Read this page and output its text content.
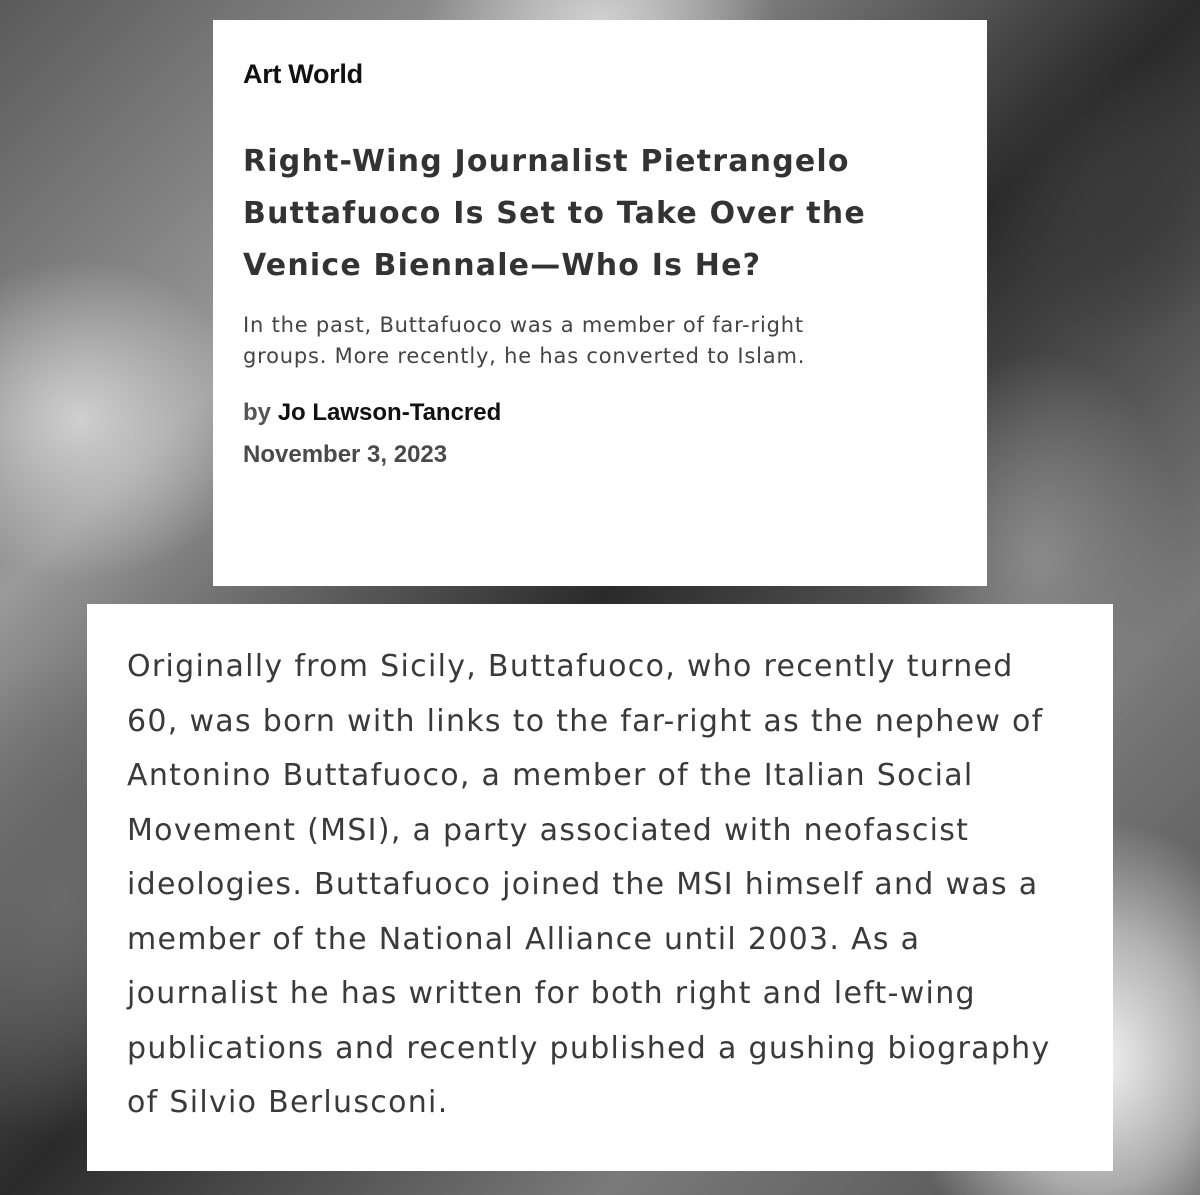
Art World

Right-Wing Journalist Pietrangelo Buttafuoco Is Set to Take Over the Venice Biennale—Who Is He?

In the past, Buttafuoco was a member of far-right groups. More recently, he has converted to Islam.

by Jo Lawson-Tancred

November 3, 2023

Originally from Sicily, Buttafuoco, who recently turned 60, was born with links to the far-right as the nephew of Antonino Buttafuoco, a member of the Italian Social Movement (MSI), a party associated with neofascist ideologies. Buttafuoco joined the MSI himself and was a member of the National Alliance until 2003. As a journalist he has written for both right and left-wing publications and recently published a gushing biography of Silvio Berlusconi.
